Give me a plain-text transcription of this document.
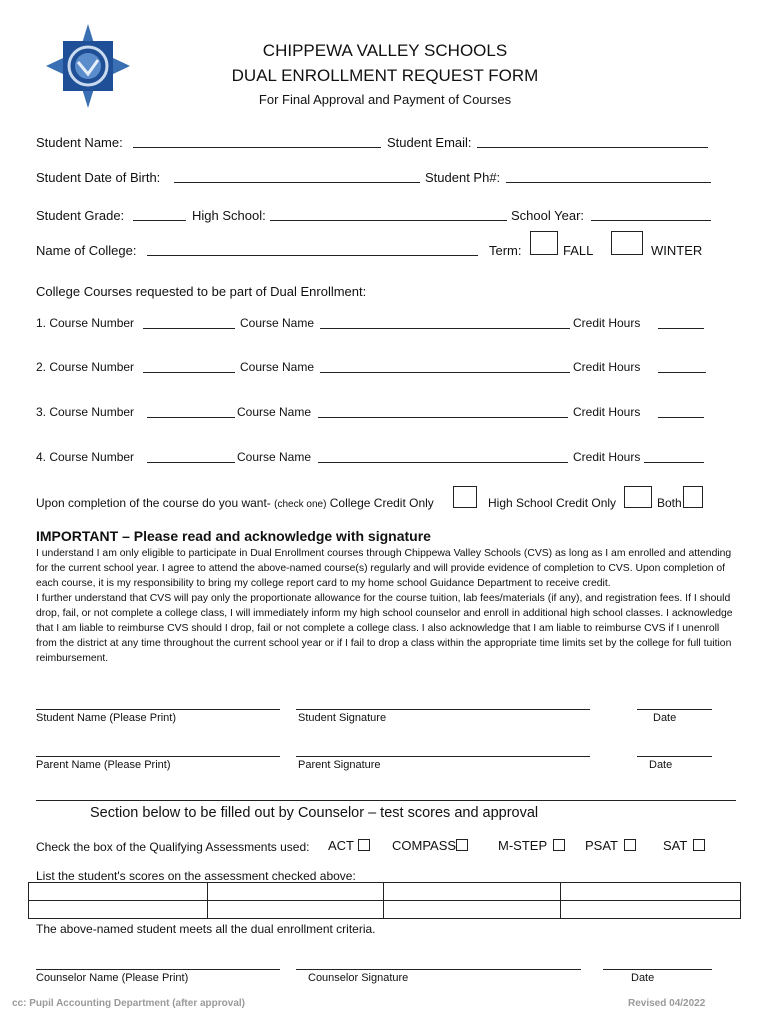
CHIPPEWA VALLEY SCHOOLS
DUAL ENROLLMENT REQUEST FORM
For Final Approval and Payment of Courses
Student Name:	Student Email:
Student Date of Birth:	Student Ph#:
Student Grade:	High School:	School Year:
Name of College:	Term:	FALL	WINTER
College Courses requested to be part of Dual Enrollment:
1. Course Number	Course Name	Credit Hours
2. Course Number	Course Name	Credit Hours
3. Course Number	Course Name	Credit Hours
4. Course Number	Course Name	Credit Hours
Upon completion of the course do you want- (check one) College Credit Only	High School Credit Only	Both
IMPORTANT – Please read and acknowledge with signature

I understand I am only eligible to participate in Dual Enrollment courses through Chippewa Valley Schools (CVS) as long as I am enrolled and attending for the current school year. I agree to attend the above-named course(s) regularly and will provide evidence of completion to CVS. Upon completion of each course, it is my responsibility to bring my college report card to my home school Guidance Department to receive credit.

I further understand that CVS will pay only the proportionate allowance for the course tuition, lab fees/materials (if any), and registration fees. If I should drop, fail, or not complete a college class, I will immediately inform my high school counselor and enroll in additional high school classes. I acknowledge that I am liable to reimburse CVS should I drop, fail or not complete a college class. I also acknowledge that I am liable to reimburse CVS if I unenroll from the district at any time throughout the current school year or if I fail to drop a class within the appropriate time limits set by the college for full tuition reimbursement.

Student Name (Please Print)	Student Signature	Date
Parent Name (Please Print)	Parent Signature	Date
Section below to be filled out by Counselor – test scores and approval
Check the box of the Qualifying Assessments used: ACT	COMPASS	M-STEP	PSAT	SAT
List the student's scores on the assessment checked above:

The above-named student meets all the dual enrollment criteria.
Counselor Name (Please Print)	Counselor Signature	Date
cc: Pupil Accounting Department (after approval)	Revised 04/2022
